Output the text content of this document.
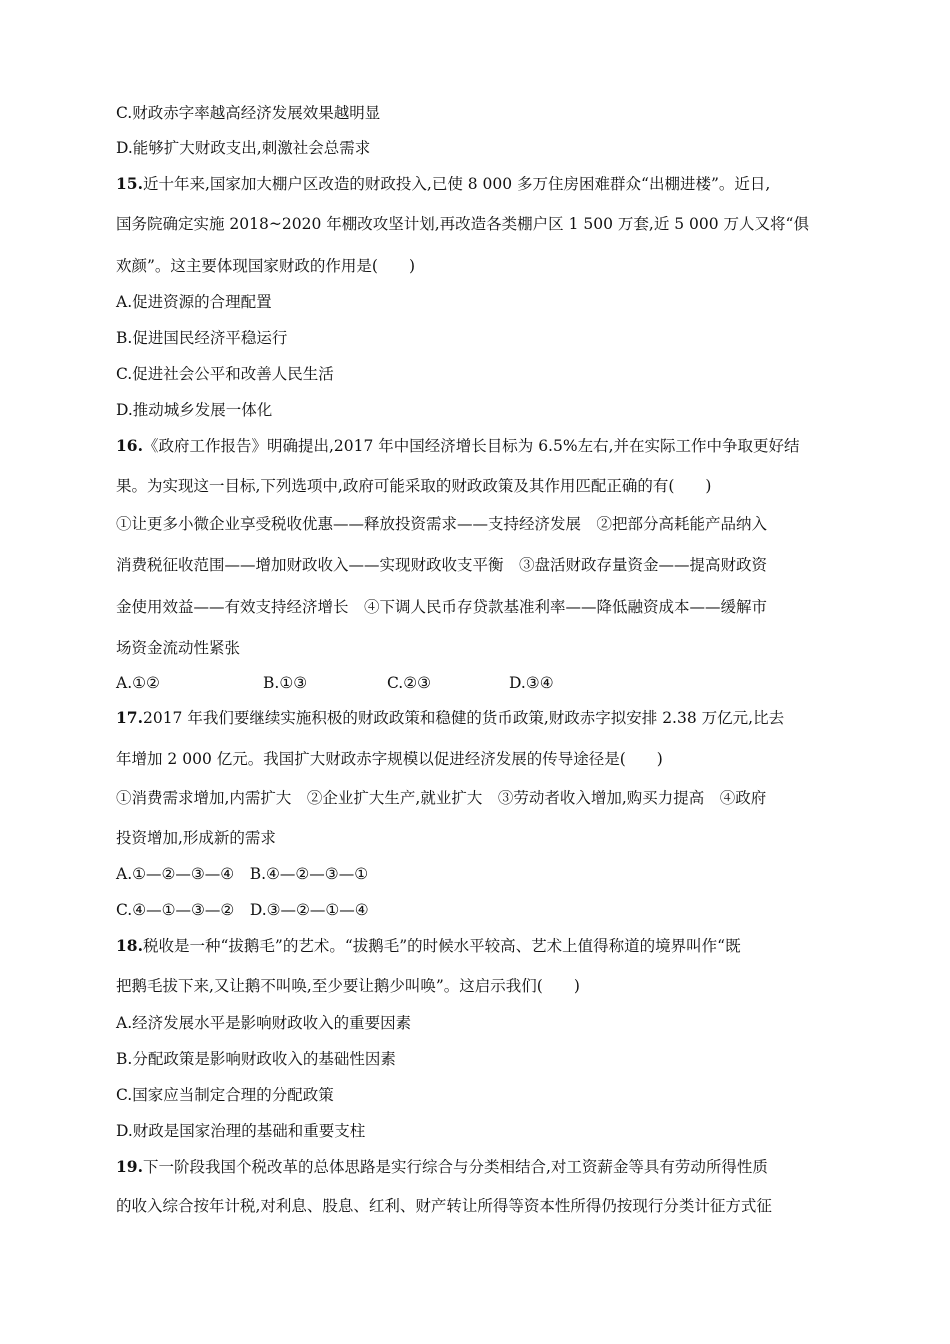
C.财政赤字率越高经济发展效果越明显
D.能够扩大财政支出,刺激社会总需求
15.近十年来,国家加大棚户区改造的财政投入,已使 8 000 多万住房困难群众“出棚进楼”。近日,
国务院确定实施 2018~2020 年棚改攻坚计划,再改造各类棚户区 1 500 万套,近 5 000 万人又将“俱
欢颜”。这主要体现国家财政的作用是(　　)
A.促进资源的合理配置
B.促进国民经济平稳运行
C.促进社会公平和改善人民生活
D.推动城乡发展一体化
16.《政府工作报告》明确提出,2017 年中国经济增长目标为 6.5%左右,并在实际工作中争取更好结
果。为实现这一目标,下列选项中,政府可能采取的财政政策及其作用匹配正确的有(　　)
①让更多小微企业享受税收优惠——释放投资需求——支持经济发展　②把部分高耗能产品纳入
消费税征收范围——增加财政收入——实现财政收支平衡　③盘活财政存量资金——提高财政资
金使用效益——有效支持经济增长　④下调人民币存贷款基准利率——降低融资成本——缓解市
场资金流动性紧张
A.①②	B.①③	C.②③	D.③④
17.2017 年我们要继续实施积极的财政政策和稳健的货币政策,财政赤字拟安排 2.38 万亿元,比去
年增加 2 000 亿元。我国扩大财政赤字规模以促进经济发展的传导途径是(　　)
①消费需求增加,内需扩大　②企业扩大生产,就业扩大　③劳动者收入增加,购买力提高　④政府
投资增加,形成新的需求
A.①—②—③—④　B.④—②—③—①
C.④—①—③—②　D.③—②—①—④
18.税收是一种“拔鹅毛”的艺术。“拔鹅毛”的时候水平较高、艺术上值得称道的境界叫作“既
把鹅毛拔下来,又让鹅不叫唤,至少要让鹅少叫唤”。这启示我们(　　)
A.经济发展水平是影响财政收入的重要因素
B.分配政策是影响财政收入的基础性因素
C.国家应当制定合理的分配政策
D.财政是国家治理的基础和重要支柱
19.下一阶段我国个税改革的总体思路是实行综合与分类相结合,对工资薪金等具有劳动所得性质
的收入综合按年计税,对利息、股息、红利、财产转让所得等资本性所得仍按现行分类计征方式征
